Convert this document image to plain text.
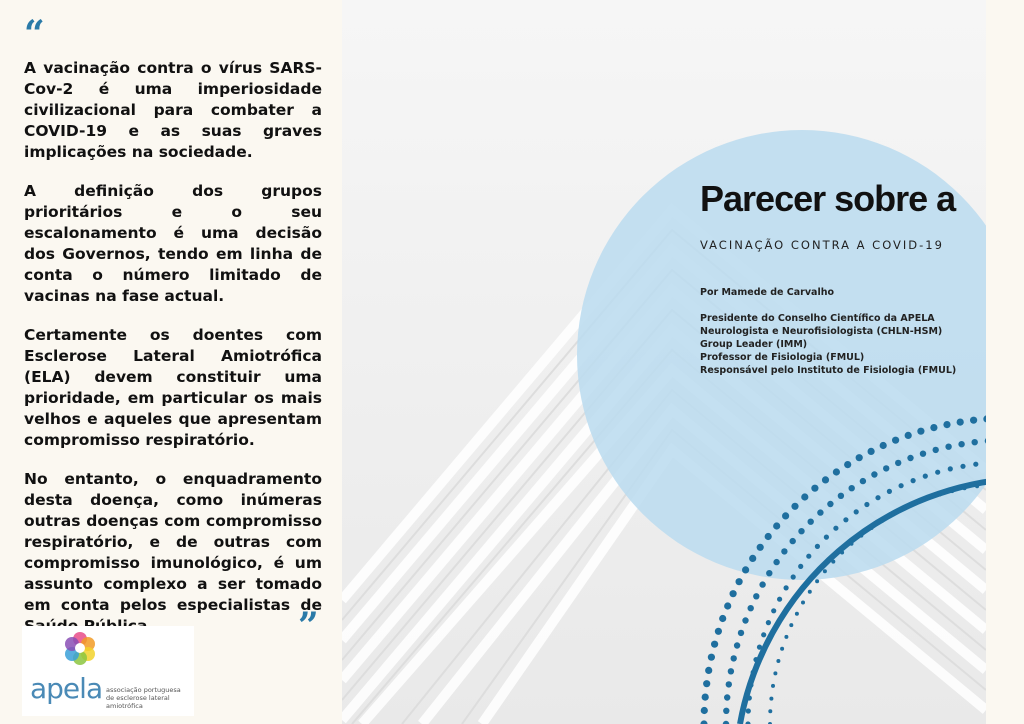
“

A vacinação contra o vírus SARS-Cov-2 é uma imperiosidade civilizacional para combater a COVID-19 e as suas graves implicações na sociedade.

A definição dos grupos prioritários e o seu escalonamento é uma decisão dos Governos, tendo em linha de conta o número limitado de vacinas na fase actual.

Certamente os doentes com Esclerose Lateral Amiotrófica (ELA) devem constituir uma prioridade, em particular os mais velhos e aqueles que apresentam compromisso respiratório.

No entanto, o enquadramento desta doença, como inúmeras outras doenças com compromisso respiratório, e de outras com compromisso imunológico, é um assunto complexo a ser tomado em conta pelos especialistas de

”
apela associação portuguesa
de esclerose lateral amiotrófica
Parecer sobre a
VACINAÇÃO CONTRA A COVID-19
Por Mamede de Carvalho
Presidente do Conselho Científico da APELA
Neurologista e Neurofisiologista (CHLN-HSM)
Group Leader (IMM)
Professor de Fisiologia (FMUL)
Responsável pelo Instituto de Fisiologia (FMUL)
